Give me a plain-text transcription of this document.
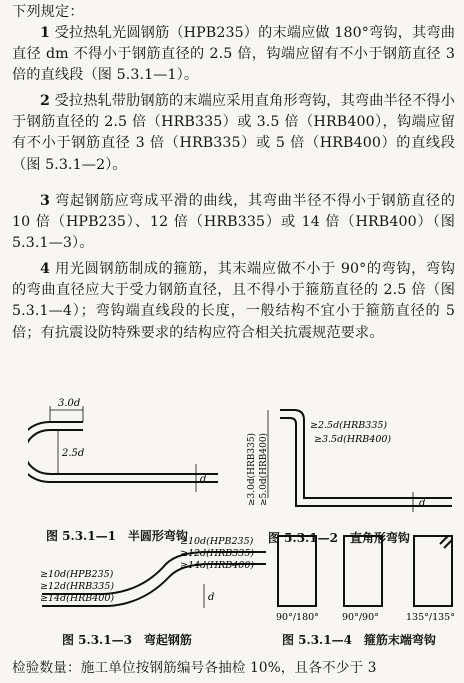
下列规定：
1 受拉热轧光圆钢筋（HPB235）的末端应做 180°弯钩，其弯曲直径 dm 不得小于钢筋直径的 2.5 倍，钩端应留有不小于钢筋直径 3 倍的直线段（图 5.3.1—1）。
2 受拉热轧带肋钢筋的末端应采用直角形弯钩，其弯曲半径不得小于钢筋直径的 2.5 倍（HRB335）或 3.5 倍（HRB400），钩端应留有不小于钢筋直径 3 倍（HRB335）或 5 倍（HRB400）的直线段（图 5.3.1—2）。
3 弯起钢筋应弯成平滑的曲线，其弯曲半径不得小于钢筋直径的 10 倍（HPB235）、12 倍（HRB335）或 14 倍（HRB400）（图 5.3.1—3）。
4 用光圆钢筋制成的箍筋，其末端应做不小于 90°的弯钩，弯钩的弯曲直径应大于受力钢筋直径，且不得小于箍筋直径的 2.5 倍（图 5.3.1—4）；弯钩端直线段的长度，一般结构不宜小于箍筋直径的 5 倍；有抗震设防特殊要求的结构应符合相关抗震规范要求。
3.0d
2.5d
d
图 5.3.1—1　半圆形弯钩
≥3.0d(HRB335) ≥5.0d(HRB400)
≥2.5d(HRB335)
≥3.5d(HRB400)
d
图 5.3.1—2　直角形弯钩
≥10d(HPB235)
≥12d(HRB335)
≥14d(HRB400)
≥10d(HPB235)
≥12d(HRB335)
≥14d(HRB400)
d
图 5.3.1—3　弯起钢筋
90°/180° 90°/90°	135°/135°
图 5.3.1—4　箍筋末端弯钩
检验数量：施工单位按钢筋编号各抽检 10%，且各不少于 3
